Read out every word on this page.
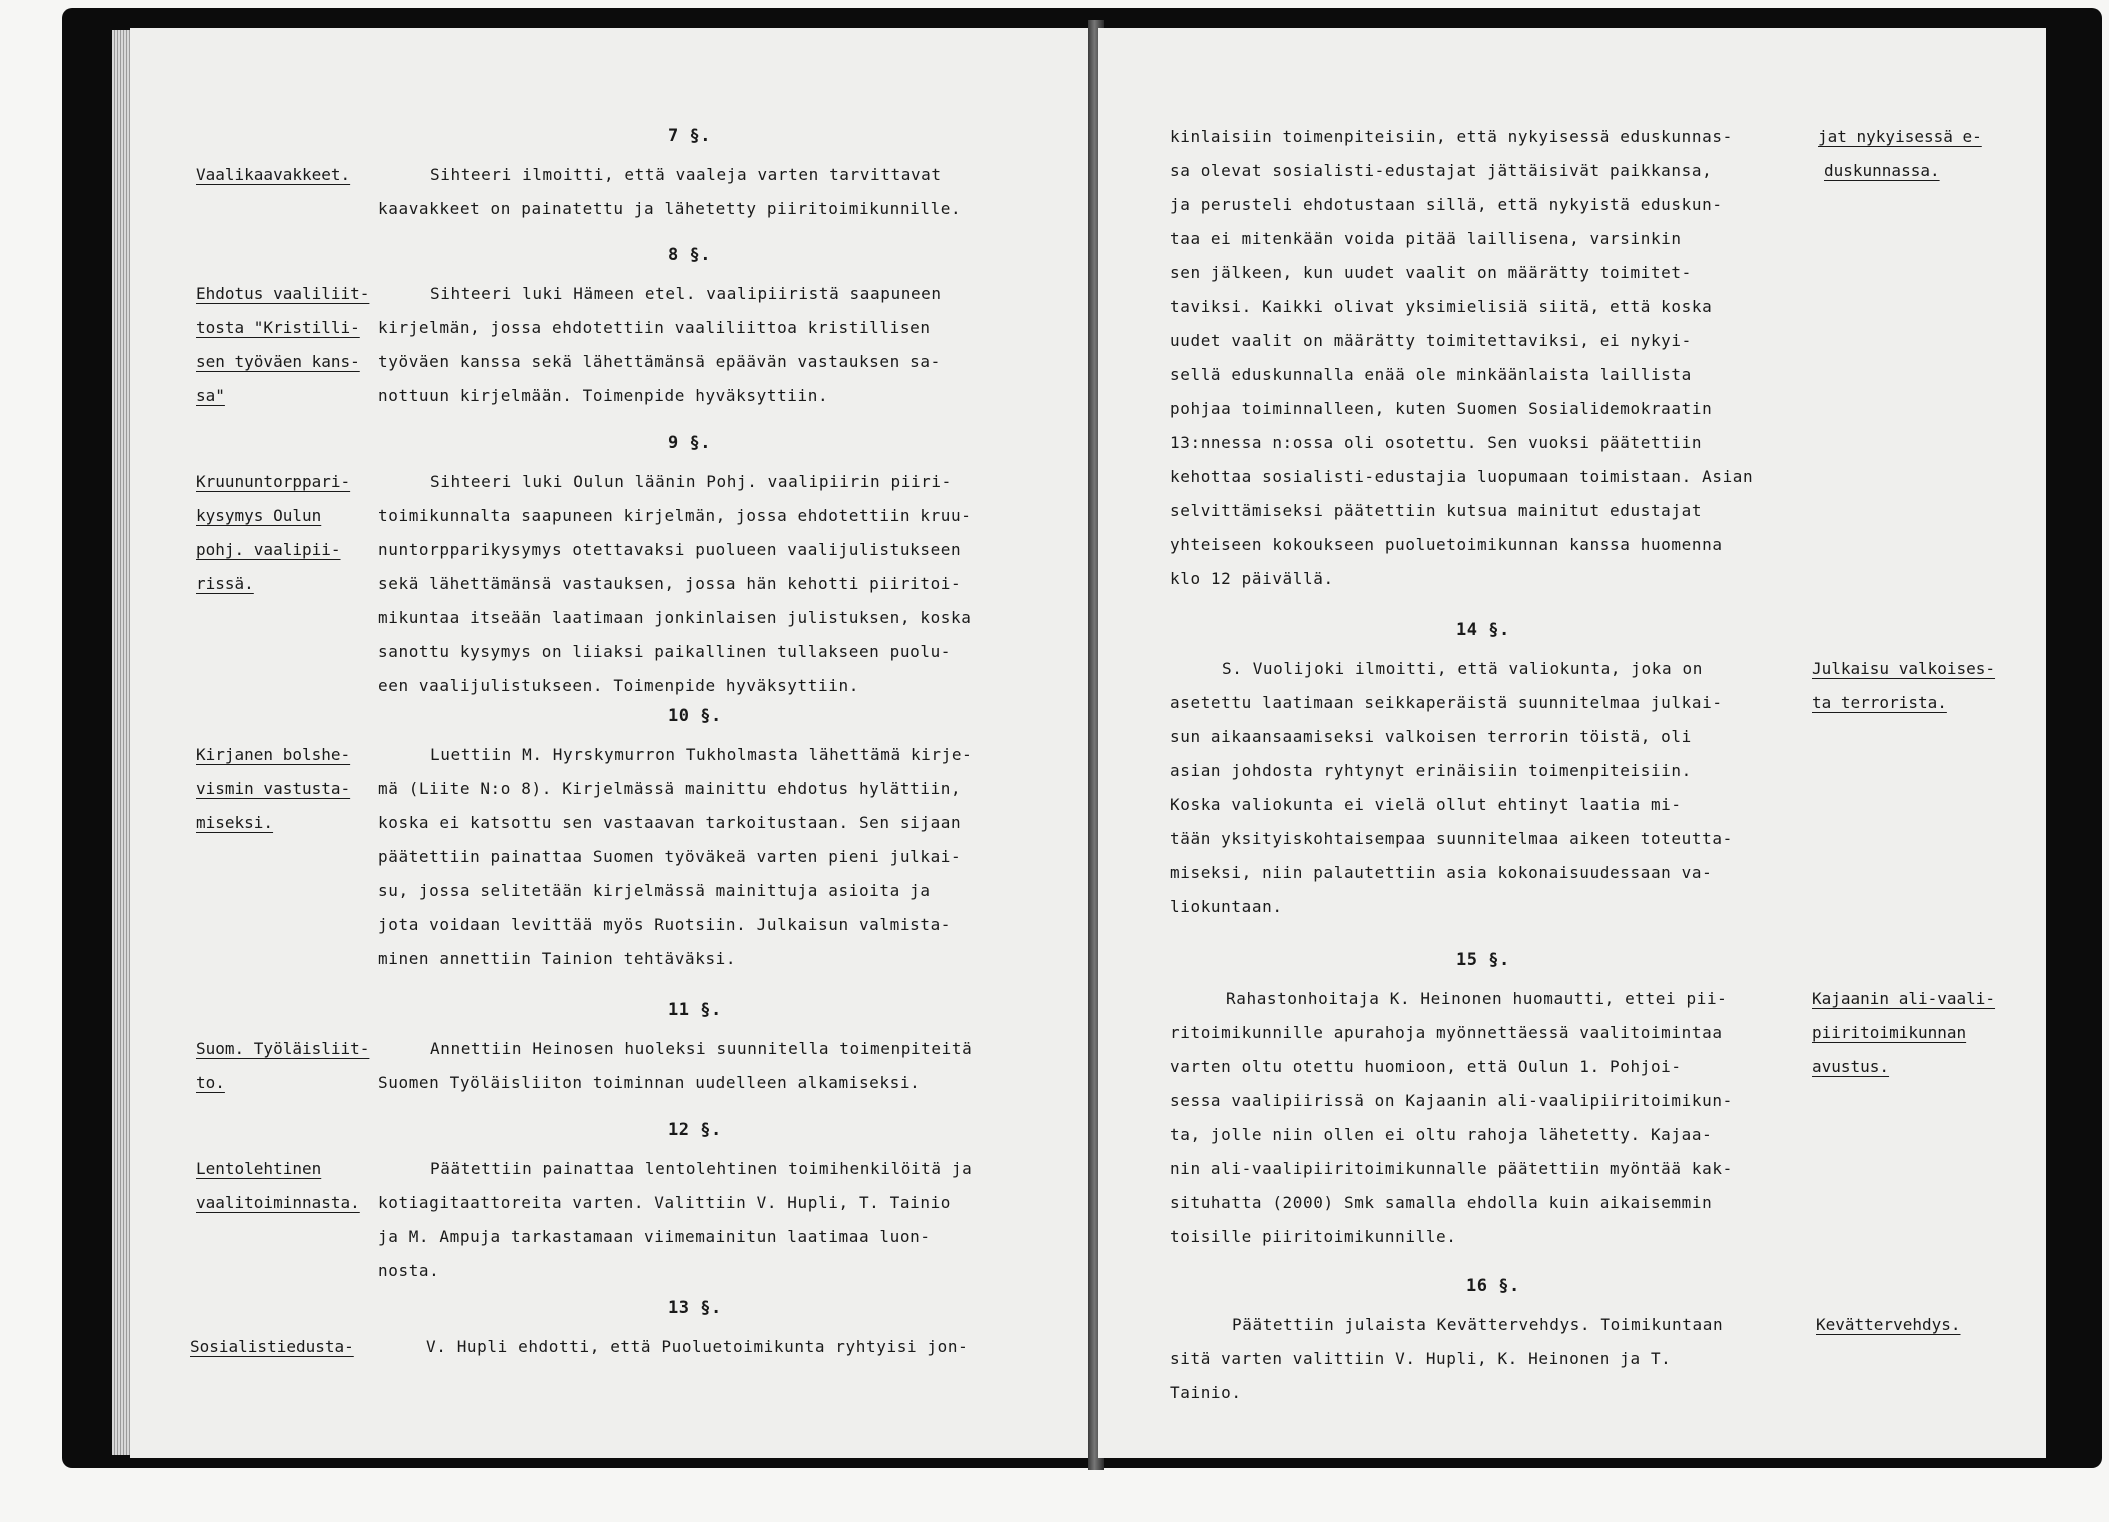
7 §.
Vaalikaavakkeet.	Sihteeri ilmoitti, että vaaleja varten tarvittavat
kaavakkeet on painatettu ja lähetetty piiritoimikunnille.
8 §.
Ehdotus vaaliliit-
tosta "Kristilli-
sen työväen kans-
sa"
Sihteeri luki Hämeen etel. vaalipiiristä saapuneen
kirjelmän, jossa ehdotettiin vaaliliittoa kristillisen
työväen kanssa sekä lähettämänsä epäävän vastauksen sa-
nottuun kirjelmään. Toimenpide hyväksyttiin.
9 §.
Kruununtorppari-
kysymys Oulun
pohj. vaalipii-
rissä.
Sihteeri luki Oulun läänin Pohj. vaalipiirin piiri-
toimikunnalta saapuneen kirjelmän, jossa ehdotettiin kruu-
nuntorpparikysymys otettavaksi puolueen vaalijulistukseen
sekä lähettämänsä vastauksen, jossa hän kehotti piiritoi-
mikuntaa itseään laatimaan jonkinlaisen julistuksen, koska
sanottu kysymys on liiaksi paikallinen tullakseen puolu-
een vaalijulistukseen. Toimenpide hyväksyttiin.
10 §.
Kirjanen bolshe-
vismin vastusta-
miseksi.
Luettiin M. Hyrskymurron Tukholmasta lähettämä kirje-
mä (Liite N:o 8). Kirjelmässä mainittu ehdotus hylättiin,
koska ei katsottu sen vastaavan tarkoitustaan. Sen sijaan
päätettiin painattaa Suomen työväkeä varten pieni julkai-
su, jossa selitetään kirjelmässä mainittuja asioita ja
jota voidaan levittää myös Ruotsiin. Julkaisun valmista-
minen annettiin Tainion tehtäväksi.
11 §.
Suom. Työläisliit-
to.
Annettiin Heinosen huoleksi suunnitella toimenpiteitä
Suomen Työläisliiton toiminnan uudelleen alkamiseksi.
12 §.
Lentolehtinen
vaalitoiminnasta.
Päätettiin painattaa lentolehtinen toimihenkilöitä ja
kotiagitaattoreita varten. Valittiin V. Hupli, T. Tainio
ja M. Ampuja tarkastamaan viimemainitun laatimaa luon-
nosta.
13 §.
Sosialistiedusta-	V. Hupli ehdotti, että Puoluetoimikunta ryhtyisi jon-
kinlaisiin toimenpiteisiin, että nykyisessä eduskunnas-
sa olevat sosialisti-edustajat jättäisivät paikkansa,
ja perusteli ehdotustaan sillä, että nykyistä eduskun-
taa ei mitenkään voida pitää laillisena, varsinkin
sen jälkeen, kun uudet vaalit on määrätty toimitet-
taviksi. Kaikki olivat yksimielisiä siitä, että koska
uudet vaalit on määrätty toimitettaviksi, ei nykyi-
sellä eduskunnalla enää ole minkäänlaista laillista
pohjaa toiminnalleen, kuten Suomen Sosialidemokraatin
13:nnessa n:ossa oli osotettu. Sen vuoksi päätettiin
kehottaa sosialisti-edustajia luopumaan toimistaan. Asian
selvittämiseksi päätettiin kutsua mainitut edustajat
yhteiseen kokoukseen puoluetoimikunnan kanssa huomenna
klo 12 päivällä.
jat nykyisessä e-
duskunnassa.
14 §.
S. Vuolijoki ilmoitti, että valiokunta, joka on
asetettu laatimaan seikkaperäistä suunnitelmaa julkai-
sun aikaansaamiseksi valkoisen terrorin töistä, oli
asian johdosta ryhtynyt erinäisiin toimenpiteisiin.
Koska valiokunta ei vielä ollut ehtinyt laatia mi-
tään yksityiskohtaisempaa suunnitelmaa aikeen toteutta-
miseksi, niin palautettiin asia kokonaisuudessaan va-
liokuntaan.
Julkaisu valkoises-
ta terrorista.
15 §.
Rahastonhoitaja K. Heinonen huomautti, ettei pii-
ritoimikunnille apurahoja myönnettäessä vaalitoimintaa
varten oltu otettu huomioon, että Oulun 1. Pohjoi-
sessa vaalipiirissä on Kajaanin ali-vaalipiiritoimikun-
ta, jolle niin ollen ei oltu rahoja lähetetty. Kajaa-
nin ali-vaalipiiritoimikunnalle päätettiin myöntää kak-
situhatta (2000) Smk samalla ehdolla kuin aikaisemmin
toisille piiritoimikunnille.
Kajaanin ali-vaali-
piiritoimikunnan
avustus.
16 §.
Päätettiin julaista Kevättervehdys. Toimikuntaan
sitä varten valittiin V. Hupli, K. Heinonen ja T.
Tainio.
Kevättervehdys.
